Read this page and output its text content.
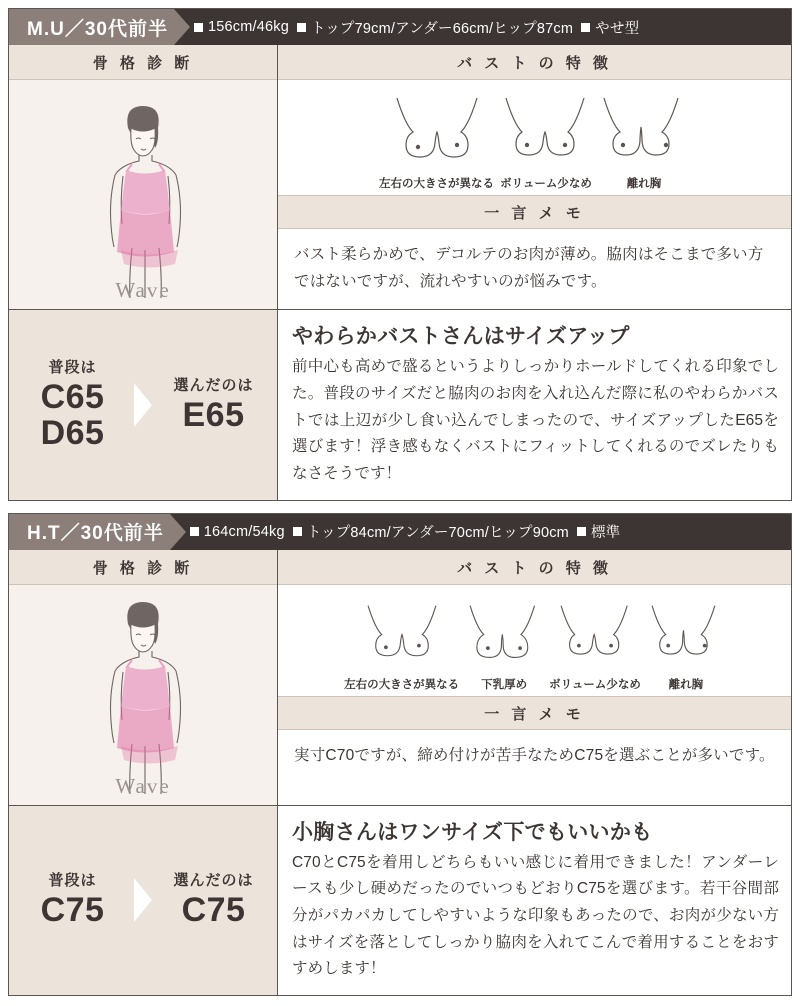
M.U／30代前半	156cm/46kg トップ79cm/アンダー66cm/ヒップ87cm やせ型
骨 格 診 断
Wave
バ ス ト の 特 徴
左右の大きさが異なる ボリューム少なめ	離れ胸
一 言 メ モ
バスト柔らかめで、デコルテのお肉が薄め。脇肉はそこまで多い方ではないですが、流れやすいのが悩みです。
普段は
C65
D65
選んだのは
E65
やわらかバストさんはサイズアップ

前中心も高めで盛るというよりしっかりホールドしてくれる印象でした。普段のサイズだと脇肉のお肉を入れ込んだ際に私のやわらかバストでは上辺が少し食い込んでしまったので、サイズアップしたE65を選びます！浮き感もなくバストにフィットしてくれるのでズレたりもなさそうです！

H.T／30代前半	164cm/54kg トップ84cm/アンダー70cm/ヒップ90cm 標準
骨 格 診 断
Wave
バ ス ト の 特 徴
左右の大きさが異なる	下乳厚め	ボリューム少なめ	離れ胸
一 言 メ モ
実寸C70ですが、締め付けが苦手なためC75を選ぶことが多いです。
普段は
C75
選んだのは
C75
小胸さんはワンサイズ下でもいいかも

C70とC75を着用しどちらもいい感じに着用できました！アンダーレースも少し硬めだったのでいつもどおりC75を選びます。若干谷間部分がパカパカしてしやすいような印象もあったので、お肉が少ない方はサイズを落としてしっかり脇肉を入れてこんで着用することをおすすめします！
